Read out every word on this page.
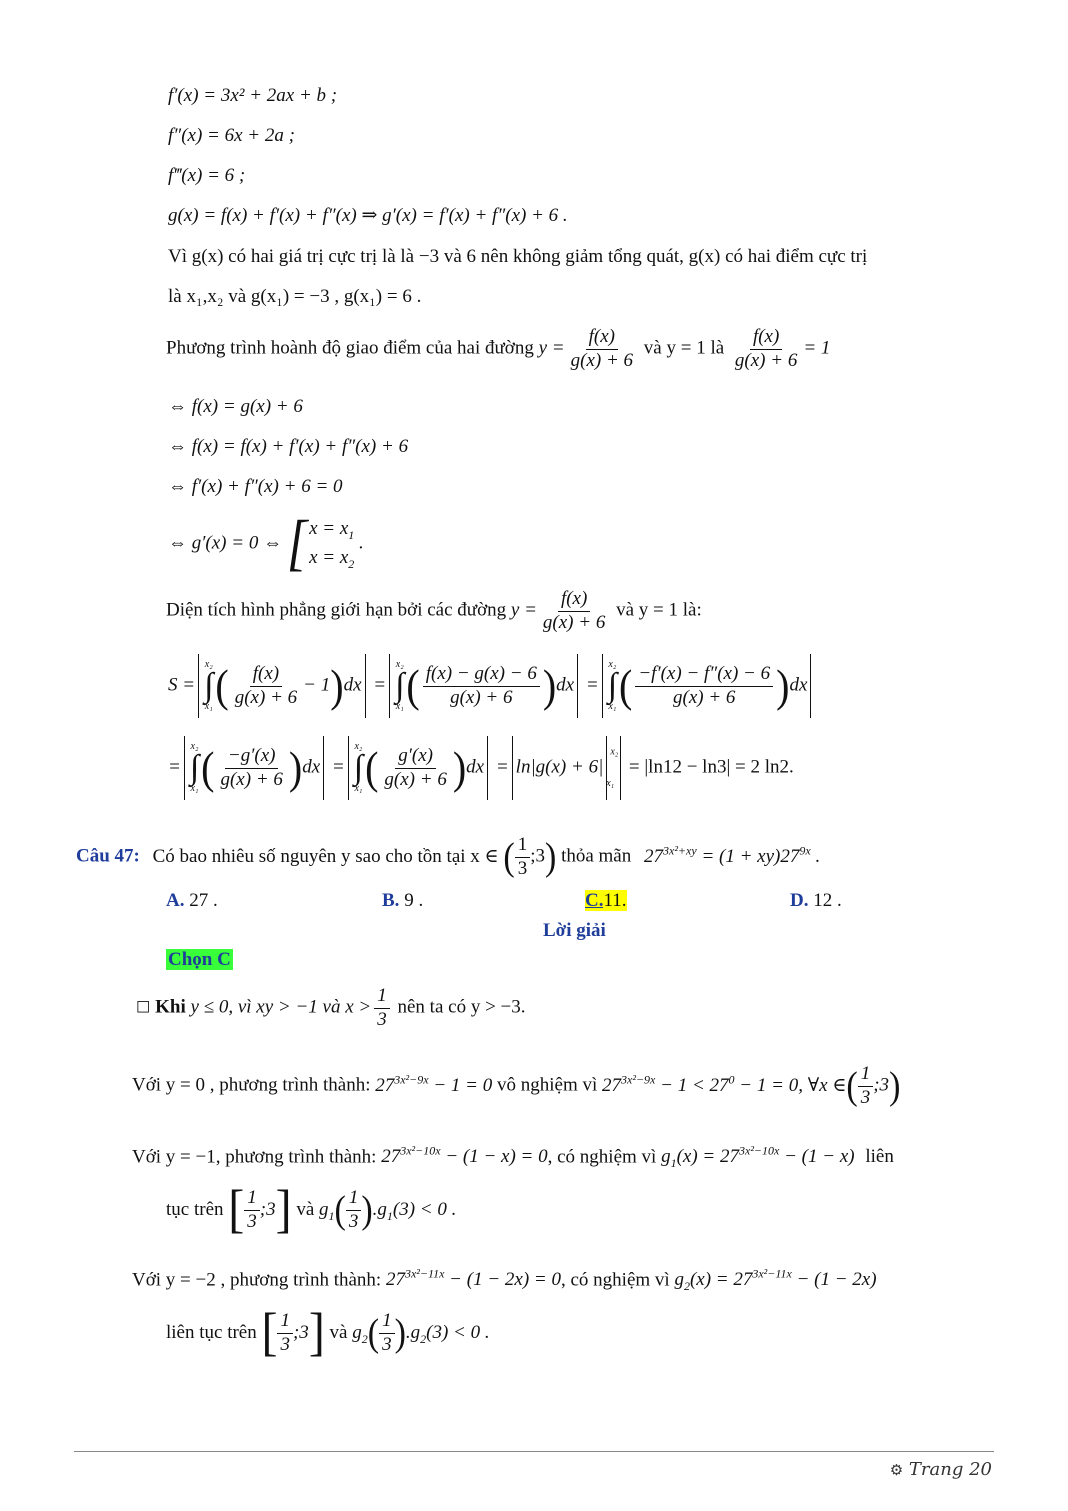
f′(x) = 3x² + 2ax + b ;
f″(x) = 6x + 2a ;
f‴(x) = 6 ;
g(x) = f(x) + f′(x) + f″(x) ⇒ g′(x) = f′(x) + f″(x) + 6 .
Vì g(x) có hai giá trị cực trị là là −3 và 6 nên không giảm tổng quát, g(x) có hai điểm cực trị
là x₁,x₂ và g(x₁) = −3 , g(x₁) = 6 .
Phương trình hoành độ giao điểm của hai đường $y = \frac{f(x)}{g(x) + 6}$ và y = 1 là $\frac{f(x)}{g(x) + 6} = 1$
⇔ f(x) = g(x) + 6
⇔ f(x) = f(x) + f′(x) + f″(x) + 6
⇔ f′(x) + f″(x) + 6 = 0
⇔ g′(x) = 0 ⇔ [ $x = x_1$
$x = x_2$
.
Diện tích hình phẳng giới hạn bởi các đường $y = \frac{f(x)}{g(x) + 6}$ và y = 1 là:
S =
x₂
∫
x₁ ( $\frac{f(x)}{g(x) + 6} - 1)dx$ =
x₂
∫
x₁ ( $\frac{f(x) - g(x) - 6}{g(x) + 6} )dx$ =
x₂
∫
x₁ ( $\frac{-f'(x) - f''(x) - 6}{g(x) + 6} )dx$
=
x₂
∫
x₁ ( $\frac{-g'(x)}{g(x) + 6} )dx$ =
x₂
∫
x₁ ( $\frac{g'(x)}{g(x) + 6} )dx = \ln|g(x) + 6|^{x_2}_{x_1} = |\ln 12 - \ln 3| = 2$ ln2.
Câu 47: Có bao nhiêu số nguyên y sao cho tồn tại x ∈ ( $\frac{1}{3}$ ;3) thỏa mãn $27^{3x^2+xy} = (1 + xy)27^{9x}$ .
A. 27 .	B. 9 .	C.11.	D. 12 .
Lời giải
Chọn C
☐ Khi y ≤ 0, vì xy > −1 và $x > \frac{1}{3}$ nên ta có y > −3.
Với y = 0 , phương trình thành: $27^{3x^2-9x} - 1 = 0$ vô nghiệm vì $27^{3x^2-9x} - 1 < 27^0 - 1 = 0$, ∀x ∈( $\frac{1}{3}$ ;3)
Với y = −1, phương trình thành: $27^{3x^2-10x} - (1 - x) = 0$, có nghiệm vì $g_1(x) = 27^{3x^2-10x} - (1 - x)$ liên
tục trên [ $\frac{1}{3}$ ;3] và $g_1( \frac{1}{3} ).g_1(3) < 0$ .
Với y = −2 , phương trình thành: $27^{3x^2-11x} - (1 - 2x) = 0$, có nghiệm vì $g_2(x) = 27^{3x^2-11x} - (1 - 2x)$
liên tục trên [ $\frac{1}{3}$ ;3] và $g_2( \frac{1}{3} ).g_2(3) < 0$ .
⚙ Trang 20
